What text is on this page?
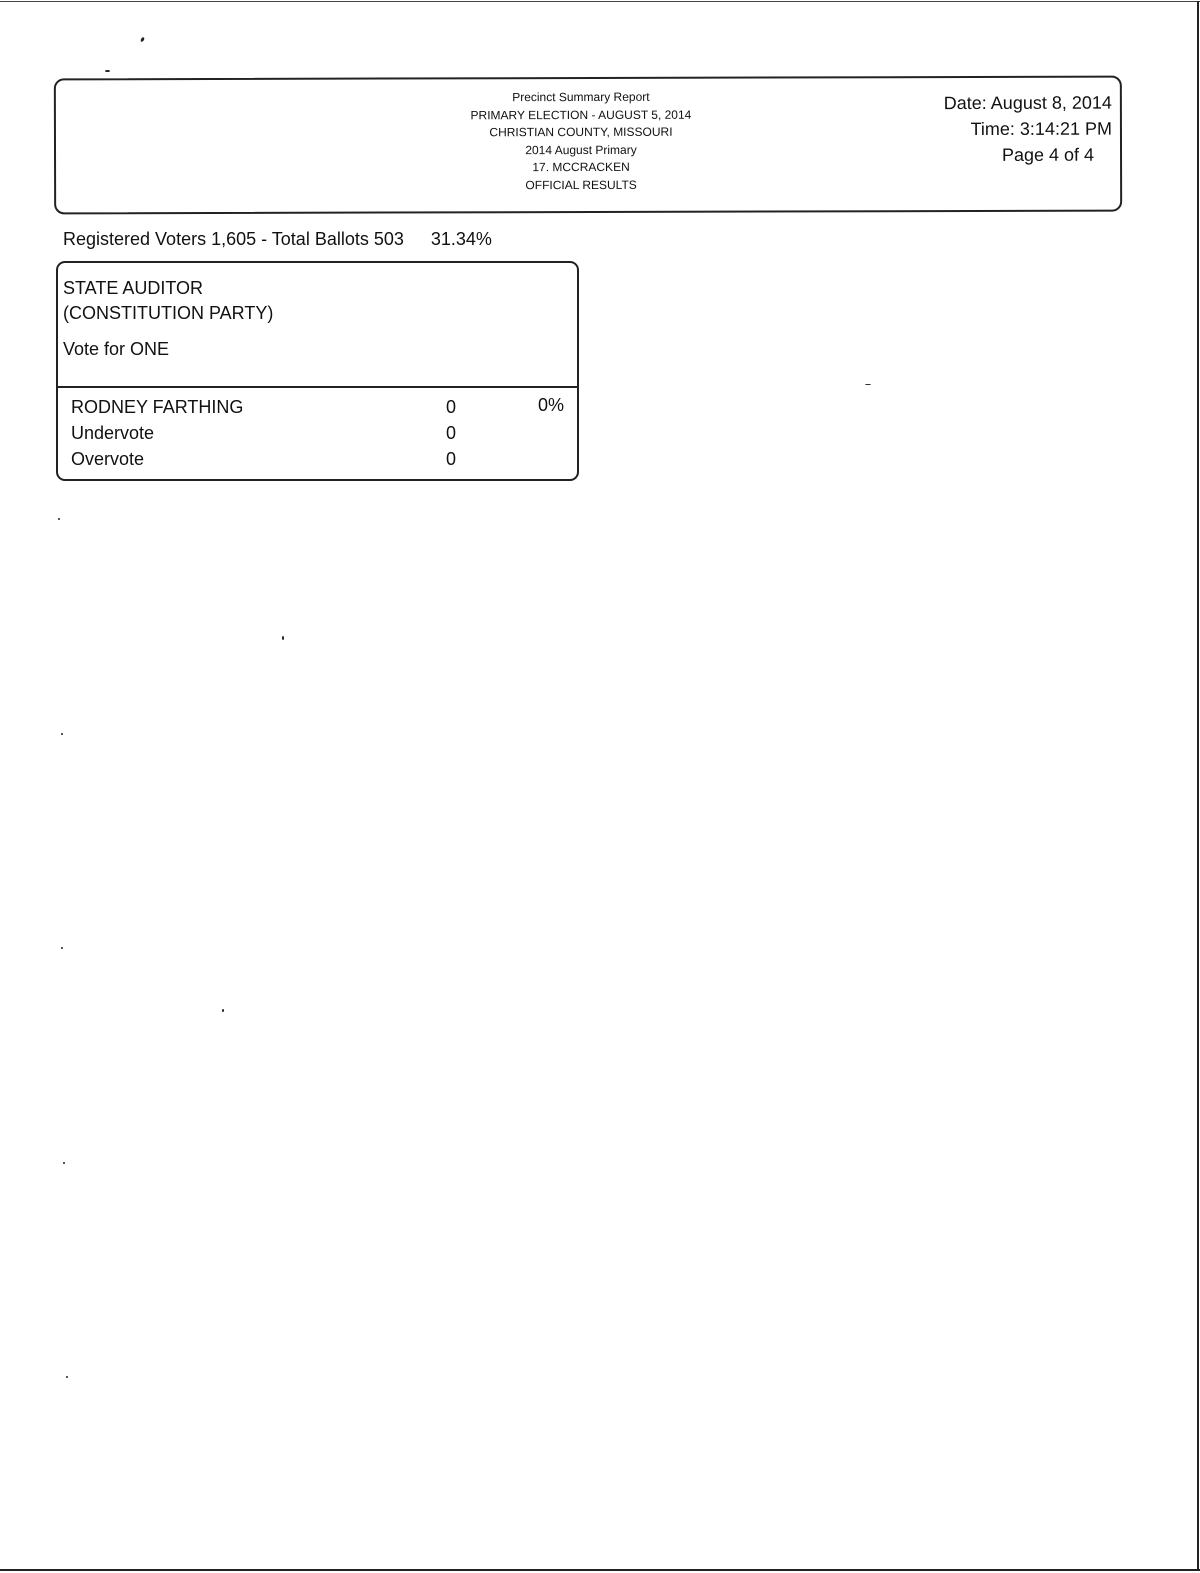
Precinct Summary Report
PRIMARY ELECTION - AUGUST 5, 2014
CHRISTIAN COUNTY, MISSOURI
2014 August Primary
17. MCCRACKEN
OFFICIAL RESULTS
Date: August 8, 2014
Time: 3:14:21 PM
Page 4 of 4
Registered Voters 1,605 - Total Ballots 503 31.34%
STATE AUDITOR
(CONSTITUTION PARTY)
Vote for ONE
RODNEY FARTHING	0	0%
Undervote	0
Overvote	0
